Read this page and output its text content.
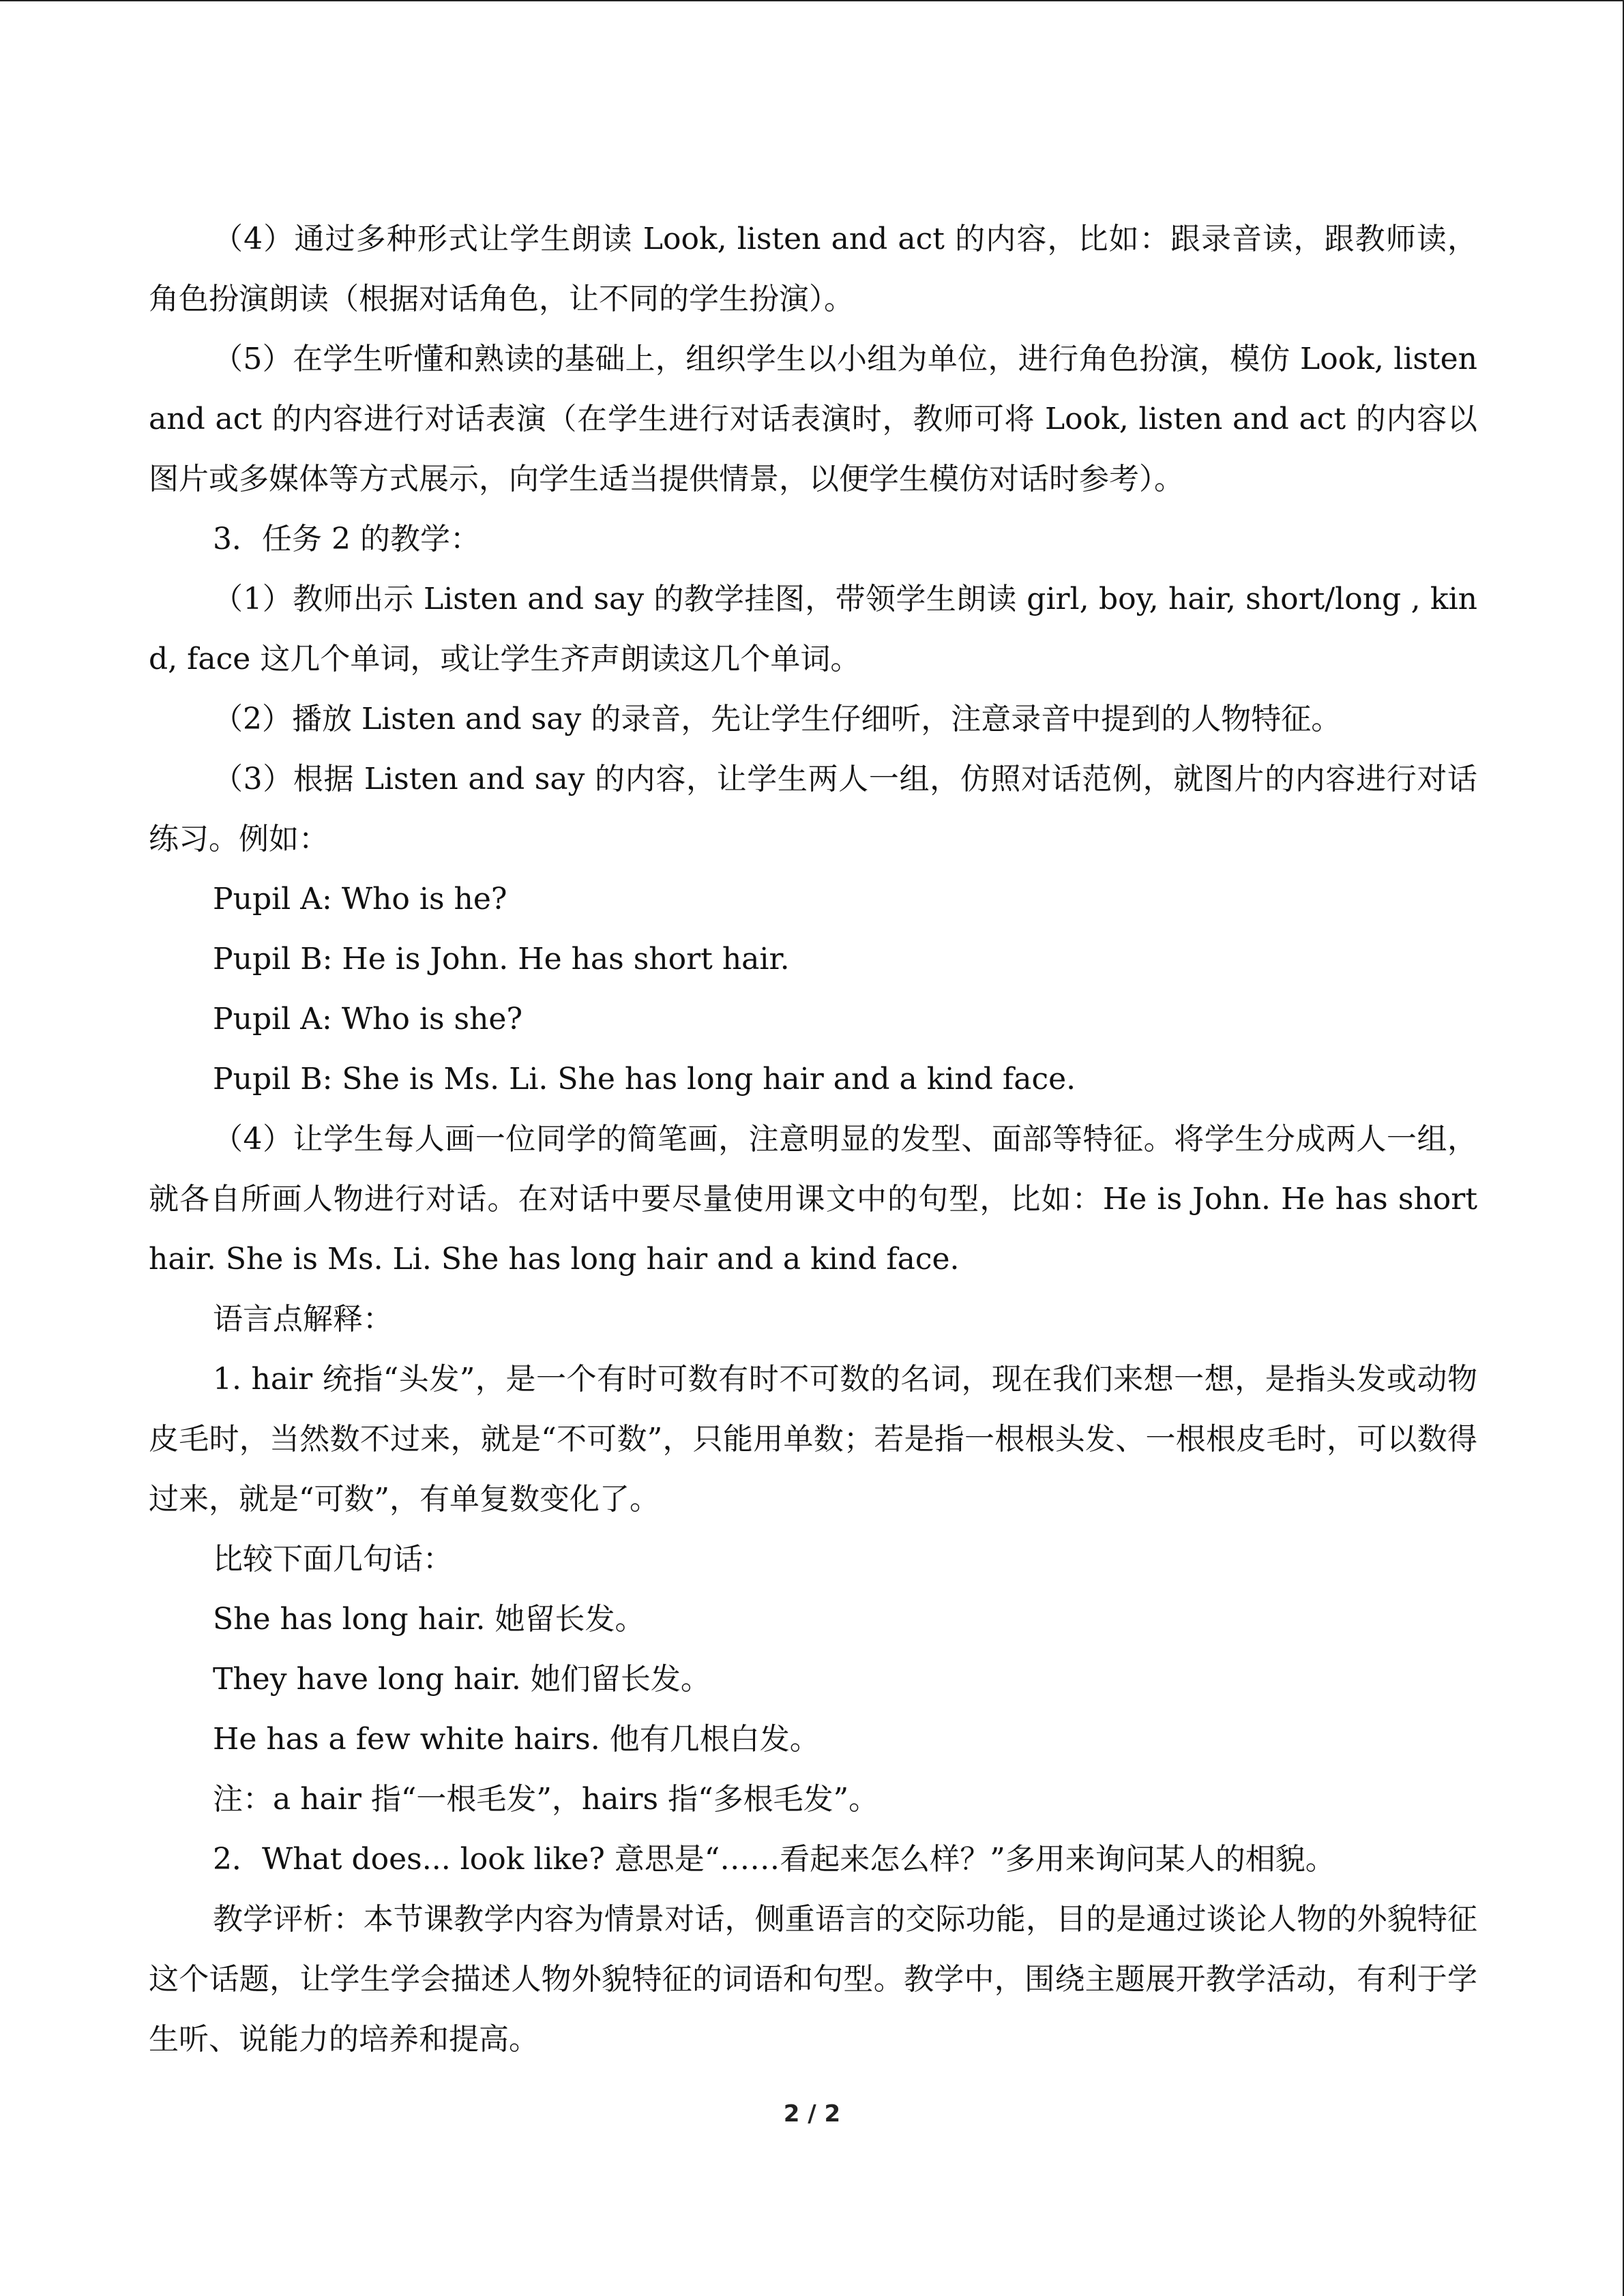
（4）通过多种形式让学生朗读 Look, listen and act 的内容，比如：跟录音读，跟教师读，角色扮演朗读（根据对话角色，让不同的学生扮演）。

（5）在学生听懂和熟读的基础上，组织学生以小组为单位，进行角色扮演，模仿 Look, listen and act 的内容进行对话表演（在学生进行对话表演时，教师可将 Look, listen and act 的内容以图片或多媒体等方式展示，向学生适当提供情景，以便学生模仿对话时参考）。

3．任务 2 的教学：

（1）教师出示 Listen and say 的教学挂图，带领学生朗读 girl, boy, hair, short/long , kind, face 这几个单词，或让学生齐声朗读这几个单词。

（2）播放 Listen and say 的录音，先让学生仔细听，注意录音中提到的人物特征。

（3）根据 Listen and say 的内容，让学生两人一组，仿照对话范例，就图片的内容进行对话练习。例如：

Pupil A: Who is he?

Pupil B: He is John. He has short hair.

Pupil A: Who is she?

Pupil B: She is Ms. Li. She has long hair and a kind face.

（4）让学生每人画一位同学的简笔画，注意明显的发型、面部等特征。将学生分成两人一组，就各自所画人物进行对话。在对话中要尽量使用课文中的句型，比如：He is John. He has short hair. She is Ms. Li. She has long hair and a kind face.

语言点解释：

1. hair 统指“头发”，是一个有时可数有时不可数的名词，现在我们来想一想，是指头发或动物皮毛时，当然数不过来，就是“不可数”，只能用单数；若是指一根根头发、一根根皮毛时，可以数得过来，就是“可数”，有单复数变化了。

比较下面几句话：

She has long hair. 她留长发。

They have long hair. 她们留长发。

He has a few white hairs. 他有几根白发。

注：a hair 指“一根毛发”，hairs 指“多根毛发”。

2．What does... look like? 意思是“……看起来怎么样？”多用来询问某人的相貌。

教学评析：本节课教学内容为情景对话，侧重语言的交际功能，目的是通过谈论人物的外貌特征这个话题，让学生学会描述人物外貌特征的词语和句型。教学中，围绕主题展开教学活动，有利于学生听、说能力的培养和提高。

2 / 2
